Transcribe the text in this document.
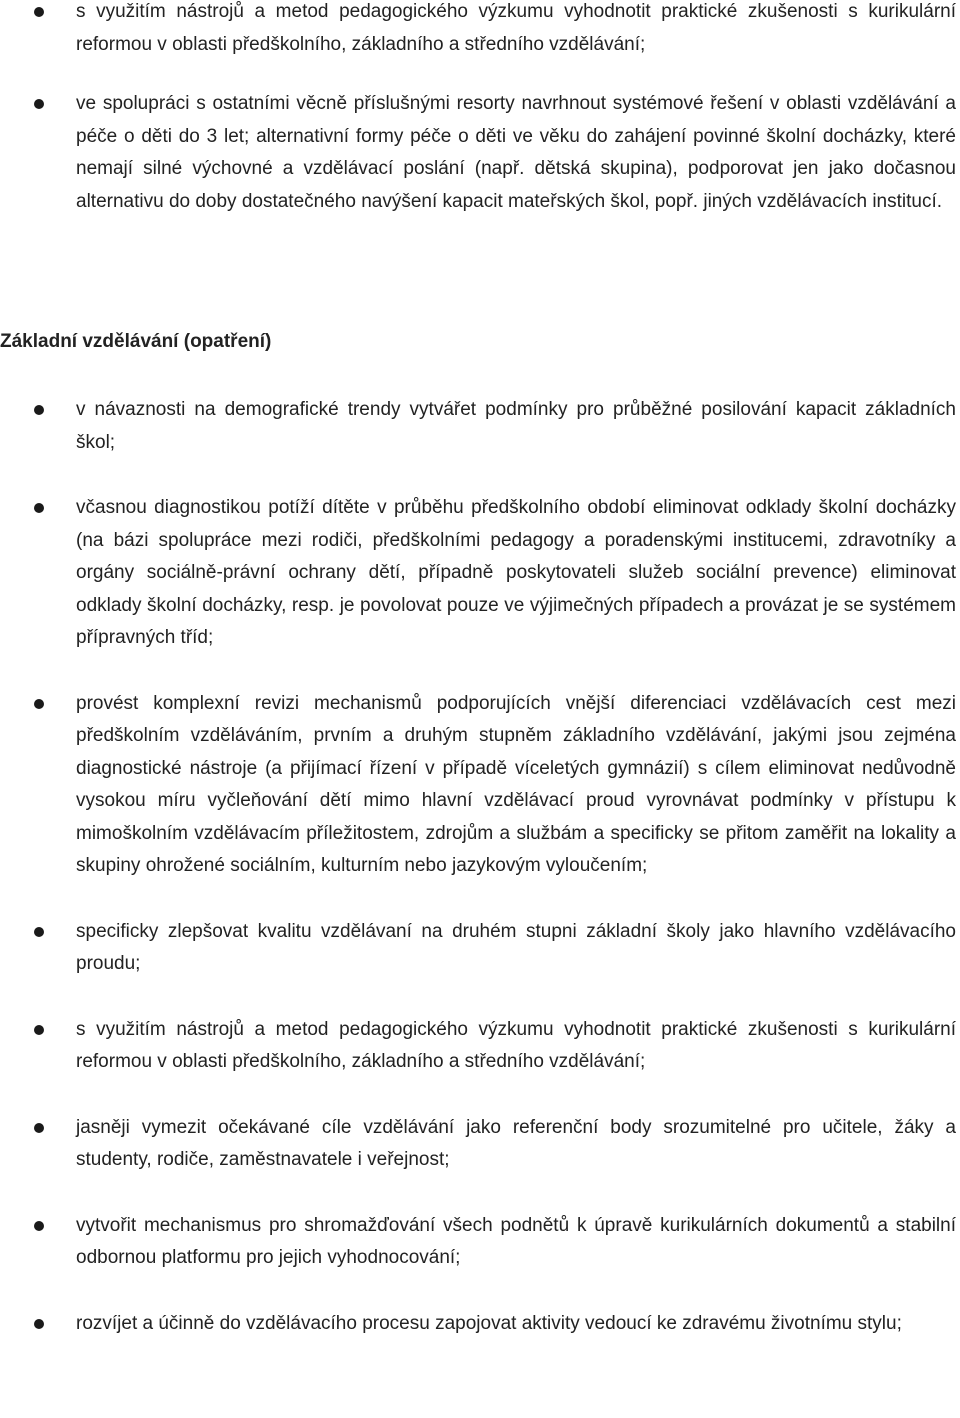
s využitím nástrojů a metod pedagogického výzkumu vyhodnotit praktické zkušenosti s kurikulární reformou v oblasti předškolního, základního a středního vzdělávání;
ve spolupráci s ostatními věcně příslušnými resorty navrhnout systémové řešení v oblasti vzdělávání a péče o děti do 3 let; alternativní formy péče o děti ve věku do zahájení povinné školní docházky, které nemají silné výchovné a vzdělávací poslání (např. dětská skupina), podporovat jen jako dočasnou alternativu do doby dostatečného navýšení kapacit mateřských škol, popř. jiných vzdělávacích institucí.
Základní vzdělávání (opatření)
v návaznosti na demografické trendy vytvářet podmínky pro průběžné posilování kapacit základních škol;
včasnou diagnostikou potíží dítěte v průběhu předškolního období eliminovat odklady školní docházky (na bázi spolupráce mezi rodiči, předškolními pedagogy a poradenskými institucemi, zdravotníky a orgány sociálně-právní ochrany dětí, případně poskytovateli služeb sociální prevence) eliminovat odklady školní docházky, resp. je povolovat pouze ve výjimečných případech a provázat je se systémem přípravných tříd;
provést komplexní revizi mechanismů podporujících vnější diferenciaci vzdělávacích cest mezi předškolním vzděláváním, prvním a druhým stupněm základního vzdělávání, jakými jsou zejména diagnostické nástroje (a přijímací řízení v případě víceletých gymnázií) s cílem eliminovat nedůvodně vysokou míru vyčleňování dětí mimo hlavní vzdělávací proud vyrovnávat podmínky v přístupu k mimoškolním vzdělávacím příležitostem, zdrojům a službám a specificky se přitom zaměřit na lokality a skupiny ohrožené sociálním, kulturním nebo jazykovým vyloučením;
specificky zlepšovat kvalitu vzdělávaní na druhém stupni základní školy jako hlavního vzdělávacího proudu;
s využitím nástrojů a metod pedagogického výzkumu vyhodnotit praktické zkušenosti s kurikulární reformou v oblasti předškolního, základního a středního vzdělávání;
jasněji vymezit očekávané cíle vzdělávání jako referenční body srozumitelné pro učitele, žáky a studenty, rodiče, zaměstnavatele i veřejnost;
vytvořit mechanismus pro shromažďování všech podnětů k úpravě kurikulárních dokumentů a stabilní odbornou platformu pro jejich vyhodnocování;
rozvíjet a účinně do vzdělávacího procesu zapojovat aktivity vedoucí ke zdravému životnímu stylu;
